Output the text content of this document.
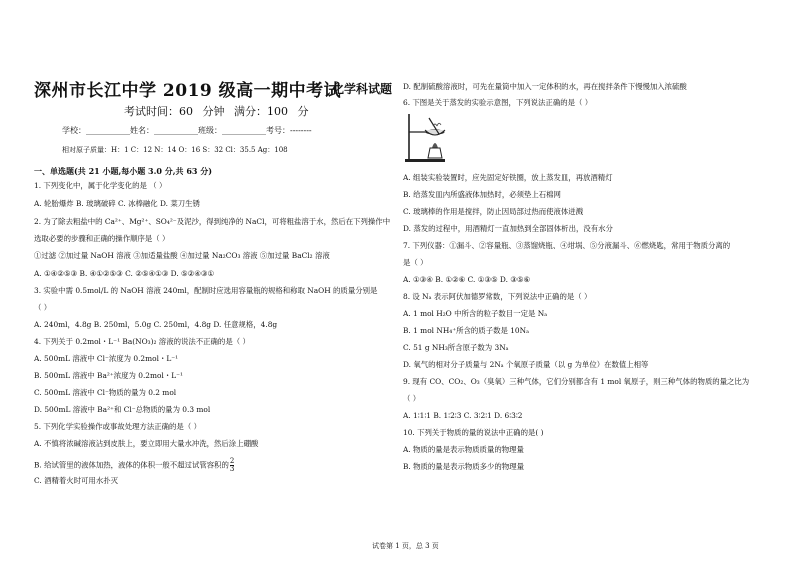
深州市长江中学 2019 级高一期中考试
化学科试题
考试时间：60 分钟 满分：100 分
学校：___________姓名：___________班级：___________考号：--------
相对原子质量：H：1 C：12 N：14 O：16 S：32 Cl：35.5 Ag：108
一、单选题(共 21 小题,每小题 3.0 分,共 63 分)
1. 下列变化中，属于化学变化的是 （ ）
A. 轮胎爆炸 B. 玻璃破碎 C. 冰棒融化 D. 菜刀生锈
2. 为了除去粗盐中的 Ca²⁺、Mg²⁺、SO₄²⁻及泥沙，得到纯净的 NaCl，可将粗盐溶于水，然后在下列操作中
选取必要的步骤和正确的操作顺序是（ ）
①过滤 ②加过量 NaOH 溶液 ③加适量盐酸 ④加过量 Na₂CO₃ 溶液 ⑤加过量 BaCl₂ 溶液
A. ①④②⑤③ B. ④①②⑤③ C. ②⑤④①③ D. ⑤②④③①
3. 实验中需 0.5mol/L 的 NaOH 溶液 240ml，配制时应选用容量瓶的规格和称取 NaOH 的质量分别是
（ ）
A. 240ml，4.8g B. 250ml，5.0g C. 250ml，4.8g D. 任意规格，4.8g
4. 下列关于 0.2mol・L⁻¹ Ba(NO₃)₂ 溶液的说法不正确的是（ ）
A. 500mL 溶液中 Cl⁻浓度为 0.2mol・L⁻¹
B. 500mL 溶液中 Ba²⁺浓度为 0.2mol・L⁻¹
C. 500mL 溶液中 Cl⁻物质的量为 0.2 mol
D. 500mL 溶液中 Ba²⁺和 Cl⁻总物质的量为 0.3 mol
5. 下列化学实验操作或事故处理方法正确的是（ ）
A. 不慎将浓碱溶液沾到皮肤上，要立即用大量水冲洗，然后涂上硼酸
B. 给试管里的液体加热，液体的体积一般不超过试管容积的 $\frac{2}{3}$
C. 酒精着火时可用水扑灭
D. 配制硫酸溶液时，可先在量筒中加入一定体积的水，再在搅拌条件下慢慢加入浓硫酸
6. 下图是关于蒸发的实验示意图，下列说法正确的是（ ）
A. 组装实验装置时，应先固定好铁圈，放上蒸发皿，再放酒精灯
B. 给蒸发皿内所盛液体加热时，必须垫上石棉网
C. 玻璃棒的作用是搅拌，防止因局部过热而使液体迸溅
D. 蒸发的过程中，用酒精灯一直加热到全部固体析出，没有水分
7. 下列仪器：①漏斗、②容量瓶、③蒸馏烧瓶、④坩埚、⑤分液漏斗、⑥燃烧匙，常用于物质分离的
是（ ）
A. ①③④ B. ①②⑥ C. ①③⑤ D. ③⑤⑥
8. 设 Nₐ 表示阿伏加德罗常数，下列说法中正确的是（ ）
A. 1 mol H₂O 中所含的粒子数目一定是 Nₐ
B. 1 mol NH₄⁺所含的质子数是 10Nₐ
C. 51 g NH₃所含原子数为 3Nₐ
D. 氧气的相对分子质量与 2Nₐ 个氧原子质量（以 g 为单位）在数值上相等
9. 现有 CO、CO₂、O₃（臭氧）三种气体，它们分别都含有 1 mol 氧原子，则三种气体的物质的量之比为
（ ）
A. 1∶1∶1 B. 1∶2∶3 C. 3∶2∶1 D. 6∶3∶2
10. 下列关于物质的量的说法中正确的是( )
A. 物质的量是表示物质质量的物理量
B. 物质的量是表示物质多少的物理量
试卷第 1 页，总 3 页
